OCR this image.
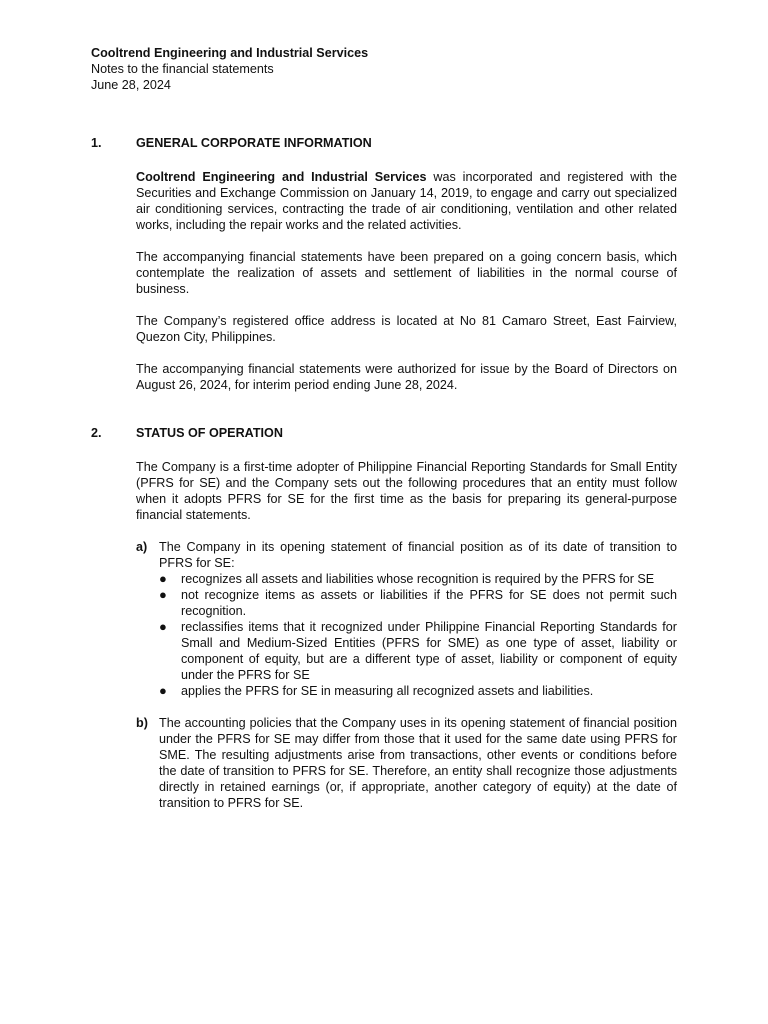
Cooltrend Engineering and Industrial Services
Notes to the financial statements
June 28, 2024
1.	GENERAL CORPORATE INFORMATION

Cooltrend Engineering and Industrial Services was incorporated and registered with the Securities and Exchange Commission on January 14, 2019, to engage and carry out specialized air conditioning services, contracting the trade of air conditioning, ventilation and other related works, including the repair works and the related activities.

The accompanying financial statements have been prepared on a going concern basis, which contemplate the realization of assets and settlement of liabilities in the normal course of business.

The Company’s registered office address is located at No 81 Camaro Street, East Fairview, Quezon City, Philippines.

The accompanying financial statements were authorized for issue by the Board of Directors on August 26, 2024, for interim period ending June 28, 2024.

2.	STATUS OF OPERATION

The Company is a first-time adopter of Philippine Financial Reporting Standards for Small Entity (PFRS for SE) and the Company sets out the following procedures that an entity must follow when it adopts PFRS for SE for the first time as the basis for preparing its general-purpose financial statements.

a) The Company in its opening statement of financial position as of its date of transition to PFRS for SE:
●	recognizes all assets and liabilities whose recognition is required by the PFRS for SE
●	not recognize items as assets or liabilities if the PFRS for SE does not permit such recognition.
●	reclassifies items that it recognized under Philippine Financial Reporting Standards for Small and Medium-Sized Entities (PFRS for SME) as one type of asset, liability or component of equity, but are a different type of asset, liability or component of equity under the PFRS for SE
●	applies the PFRS for SE in measuring all recognized assets and liabilities.
b) The accounting policies that the Company uses in its opening statement of financial position under the PFRS for SE may differ from those that it used for the same date using PFRS for SME. The resulting adjustments arise from transactions, other events or conditions before the date of transition to PFRS for SE. Therefore, an entity shall recognize those adjustments directly in retained earnings (or, if appropriate, another category of equity) at the date of transition to PFRS for SE.
